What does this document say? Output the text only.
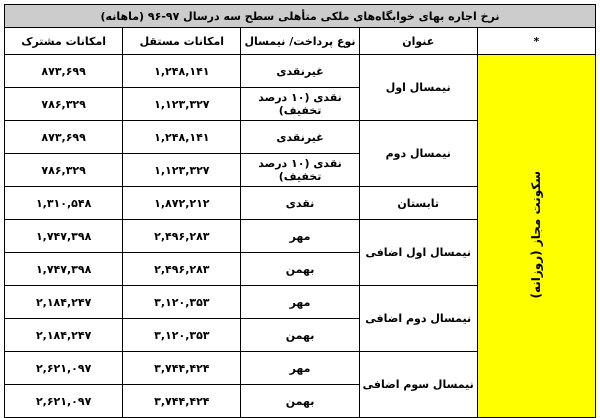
نرخ اجاره بهای خوابگاه‌های ملکی متأهلی سطح سه درسال ۹۷-۹۶ (ماهانه)				
*	عنوان	نوع پرداخت/ نیمسال	امکانات مستقل	امکانات مشترک
سکونت مجاز (روزانه)	نیمسال اول	غیرنقدی	۱,۲۴۸,۱۴۱	۸۷۳,۶۹۹
		نقدی (۱۰ درصد تخفیف)	۱,۱۲۳,۳۲۷	۷۸۶,۳۲۹
	نیمسال دوم	غیرنقدی	۱,۲۴۸,۱۴۱	۸۷۳,۶۹۹
		نقدی (۱۰ درصد تخفیف)	۱,۱۲۳,۳۲۷	۷۸۶,۳۲۹
	تابستان	نقدی	۱,۸۷۲,۲۱۲	۱,۳۱۰,۵۴۸
	نیمسال اول اضافی	مهر	۲,۴۹۶,۲۸۳	۱,۷۴۷,۳۹۸
		بهمن	۲,۴۹۶,۲۸۳	۱,۷۴۷,۳۹۸
	نیمسال دوم اضافی	مهر	۳,۱۲۰,۳۵۳	۲,۱۸۴,۲۴۷
		بهمن	۳,۱۲۰,۳۵۳	۲,۱۸۴,۲۴۷
	نیمسال سوم اضافی	مهر	۳,۷۴۴,۴۲۴	۲,۶۲۱,۰۹۷
		بهمن	۳,۷۴۴,۴۲۴	۲,۶۲۱,۰۹۷
